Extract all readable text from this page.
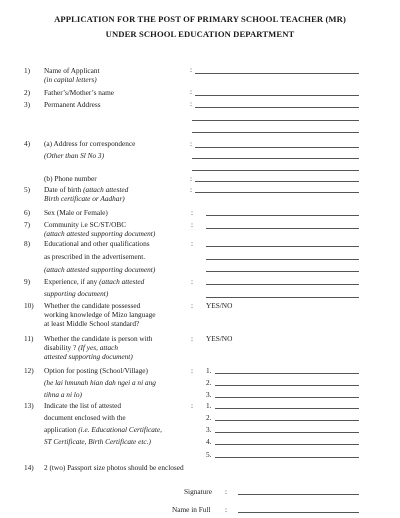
APPLICATION FOR THE POST OF PRIMARY SCHOOL TEACHER (MR)
UNDER SCHOOL EDUCATION DEPARTMENT
1) Name of Applicant
(in capital letters)
:
2) Father’s/Mother’s name	:
3) Permanent Address	:
4) (a) Address for correspondence
(Other than Sl No 3)
:
(b) Phone number	:
5) Date of birth (attach attested
Birth certificate or Aadhar)
:
6) Sex (Male or Female)	:
7) Community i.e SC/ST/OBC
(attach attested supporting document)
:
8) Educational and other qualifications
as prescribed in the advertisement.
(attach attested supporting document)
:
9) Experience, if any (attach attested
supporting document)
:
10) Whether the candidate possessed
working knowledge of Mizo language
at least Middle School standard?
: YES/NO
11) Whether the candidate is person with
disability ? (If yes, attach
attested supporting document)
: YES/NO
12) Option for posting (School/Village)
(he lai hmunah hian dah ngei a ni ang
tihna a ni lo)
: 1.
2.
3.
13) Indicate the list of attested
document enclosed with the
application (i.e. Educational Certificate,
ST Certificate, Birth Certificate etc.)
: 1.
2.
3.
4.
5.
14) 2 (two) Passport size photos should be enclosed
Signature :
Name in Full :
